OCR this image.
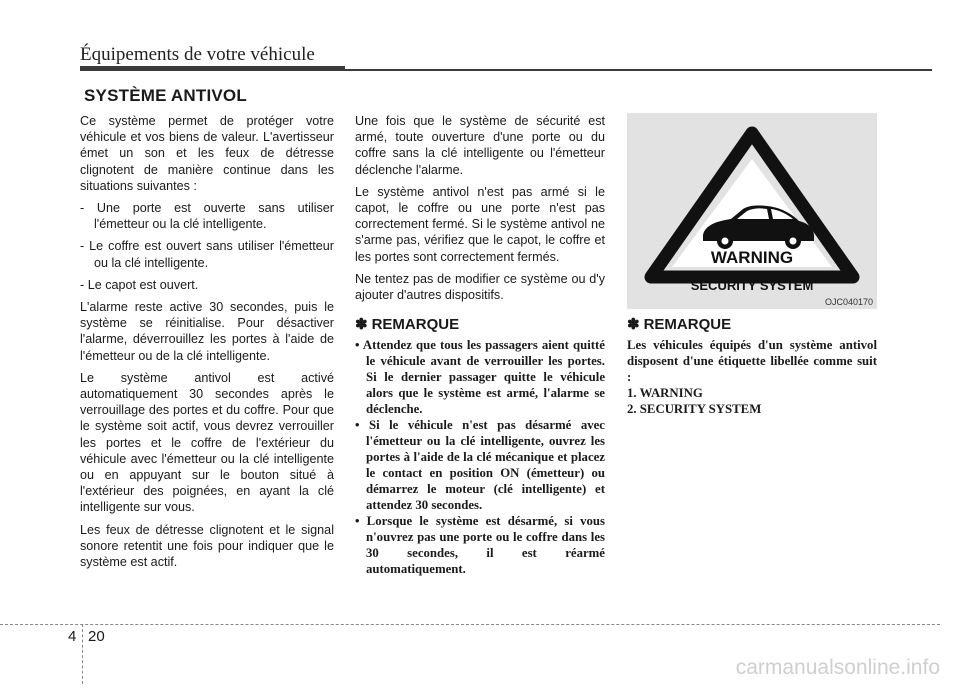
Équipements de votre véhicule
SYSTÈME ANTIVOL

Ce système permet de protéger votre véhicule et vos biens de valeur. L'avertisseur émet un son et les feux de détresse clignotent de manière continue dans les situations suivantes :

- Une porte est ouverte sans utiliser l'émetteur ou la clé intelligente.
- Le coffre est ouvert sans utiliser l'émetteur ou la clé intelligente.
- Le capot est ouvert.

L'alarme reste active 30 secondes, puis le système se réinitialise. Pour désactiver l'alarme, déverrouillez les portes à l'aide de l'émetteur ou de la clé intelligente.

Le système antivol est activé automatiquement 30 secondes après le verrouillage des portes et du coffre. Pour que le système soit actif, vous devrez verrouiller les portes et le coffre de l'extérieur du véhicule avec l'émetteur ou la clé intelligente ou en appuyant sur le bouton situé à l'extérieur des poignées, en ayant la clé intelligente sur vous.

Les feux de détresse clignotent et le signal sonore retentit une fois pour indiquer que le système est actif.

Une fois que le système de sécurité est armé, toute ouverture d'une porte ou du coffre sans la clé intelligente ou l'émetteur déclenche l'alarme.

Le système antivol n'est pas armé si le capot, le coffre ou une porte n'est pas correctement fermé. Si le système antivol ne s'arme pas, vérifiez que le capot, le coffre et les portes sont correctement fermés.

Ne tentez pas de modifier ce système ou d'y ajouter d'autres dispositifs.

✽ REMARQUE
• Attendez que tous les passagers aient quitté le véhicule avant de verrouiller les portes. Si le dernier passager quitte le véhicule alors que le système est armé, l'alarme se déclenche.
• Si le véhicule n'est pas désarmé avec l'émetteur ou la clé intelligente, ouvrez les portes à l'aide de la clé mécanique et placez le contact en position ON (émetteur) ou démarrez le moteur (clé intelligente) et attendez 30 secondes.
• Lorsque le système est désarmé, si vous n'ouvrez pas une porte ou le coffre dans les 30 secondes, il est réarmé automatiquement.
WARNING
SECURITY SYSTEM
OJC040170
✽ REMARQUE
Les véhicules équipés d'un système antivol disposent d'une étiquette libellée comme suit :
1. WARNING
2. SECURITY SYSTEM
4 20
carmanualsonline.info
